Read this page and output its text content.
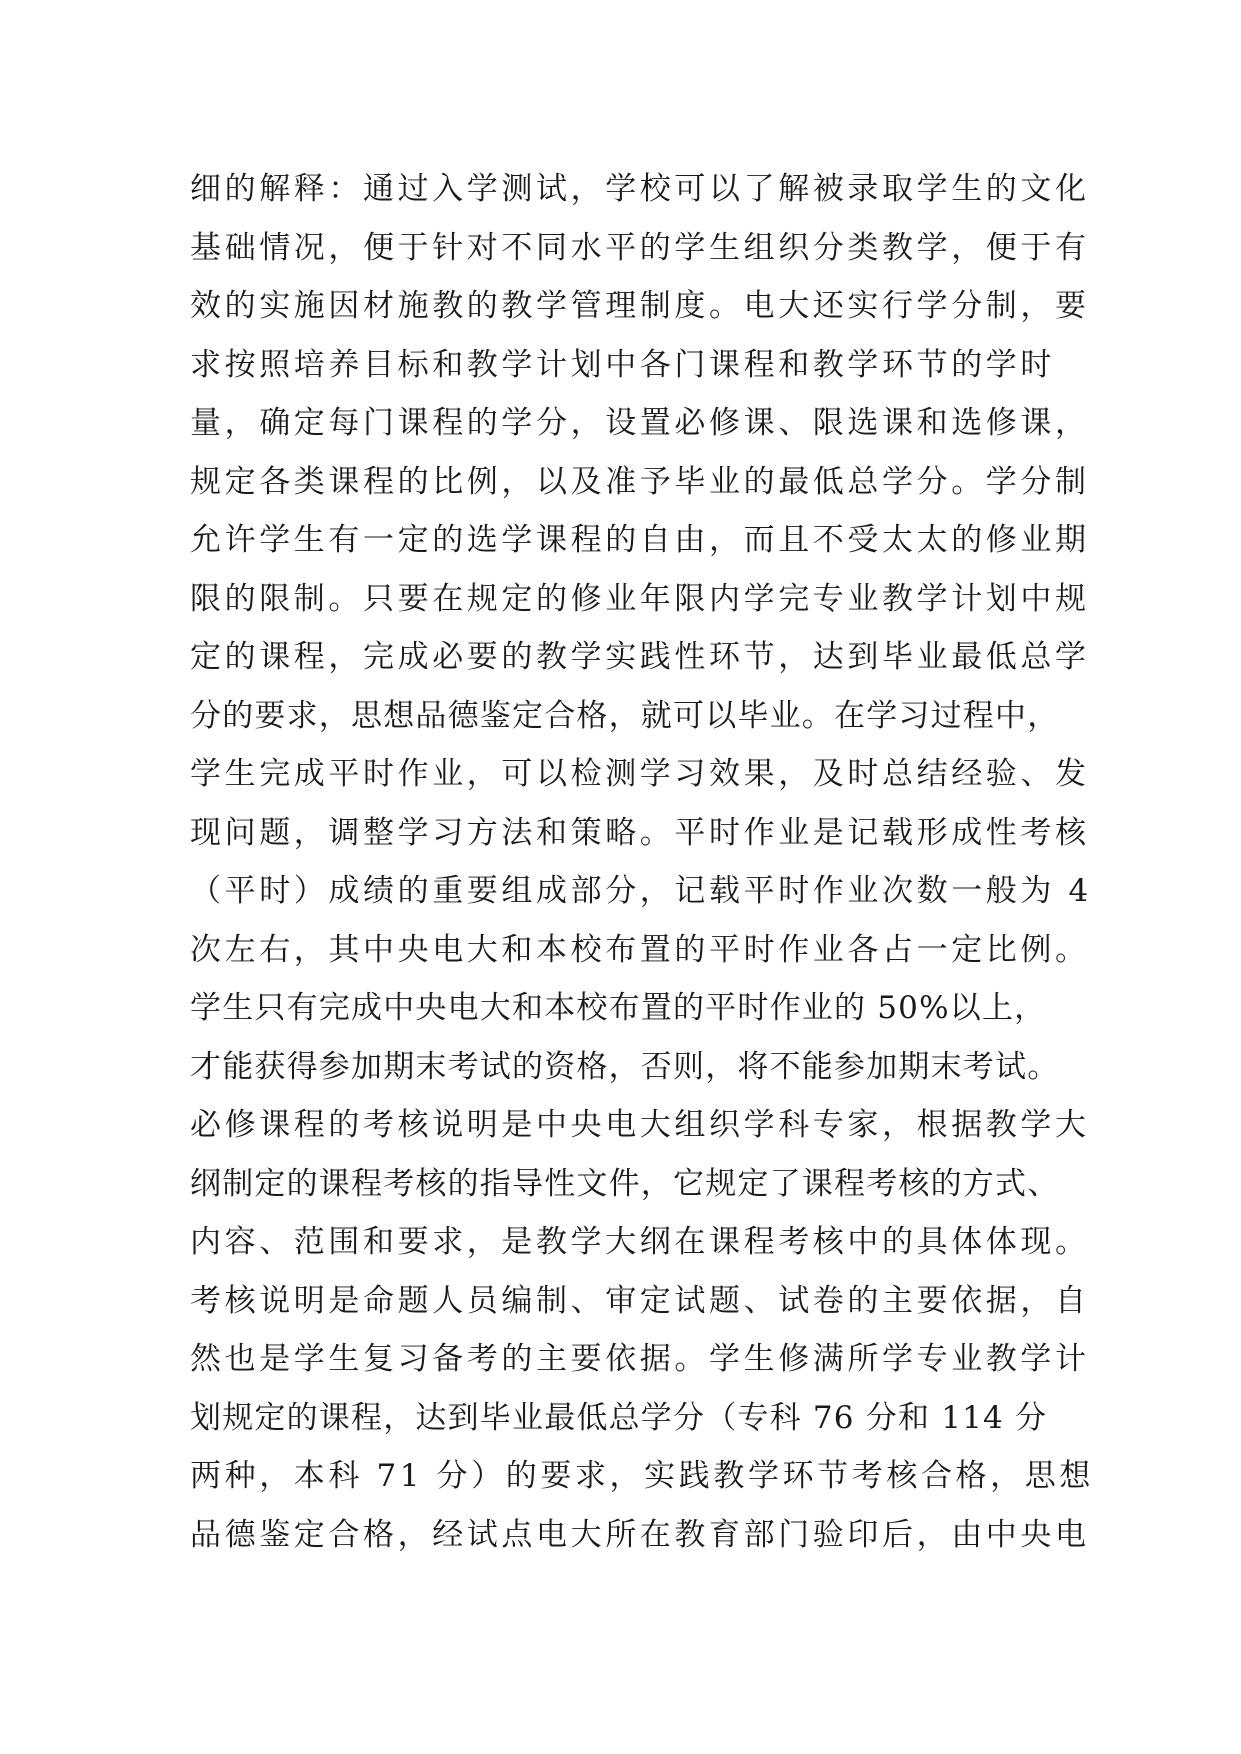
细的解释：通过入学测试，学校可以了解被录取学生的文化
基础情况，便于针对不同水平的学生组织分类教学，便于有
效的实施因材施教的教学管理制度。电大还实行学分制，要
求按照培养目标和教学计划中各门课程和教学环节的学时
量，确定每门课程的学分，设置必修课、限选课和选修课，
规定各类课程的比例，以及准予毕业的最低总学分。学分制
允许学生有一定的选学课程的自由，而且不受太太的修业期
限的限制。只要在规定的修业年限内学完专业教学计划中规
定的课程，完成必要的教学实践性环节，达到毕业最低总学
分的要求，思想品德鉴定合格，就可以毕业。在学习过程中，
学生完成平时作业，可以检测学习效果，及时总结经验、发
现问题，调整学习方法和策略。平时作业是记载形成性考核
（平时）成绩的重要组成部分，记载平时作业次数一般为 4
次左右，其中央电大和本校布置的平时作业各占一定比例。
学生只有完成中央电大和本校布置的平时作业的 50%以上，
才能获得参加期末考试的资格，否则，将不能参加期末考试。
必修课程的考核说明是中央电大组织学科专家，根据教学大
纲制定的课程考核的指导性文件，它规定了课程考核的方式、
内容、范围和要求，是教学大纲在课程考核中的具体体现。
考核说明是命题人员编制、审定试题、试卷的主要依据，自
然也是学生复习备考的主要依据。学生修满所学专业教学计
划规定的课程，达到毕业最低总学分（专科 76 分和 114 分
两种，本科 71 分）的要求，实践教学环节考核合格，思想
品德鉴定合格，经试点电大所在教育部门验印后，由中央电
